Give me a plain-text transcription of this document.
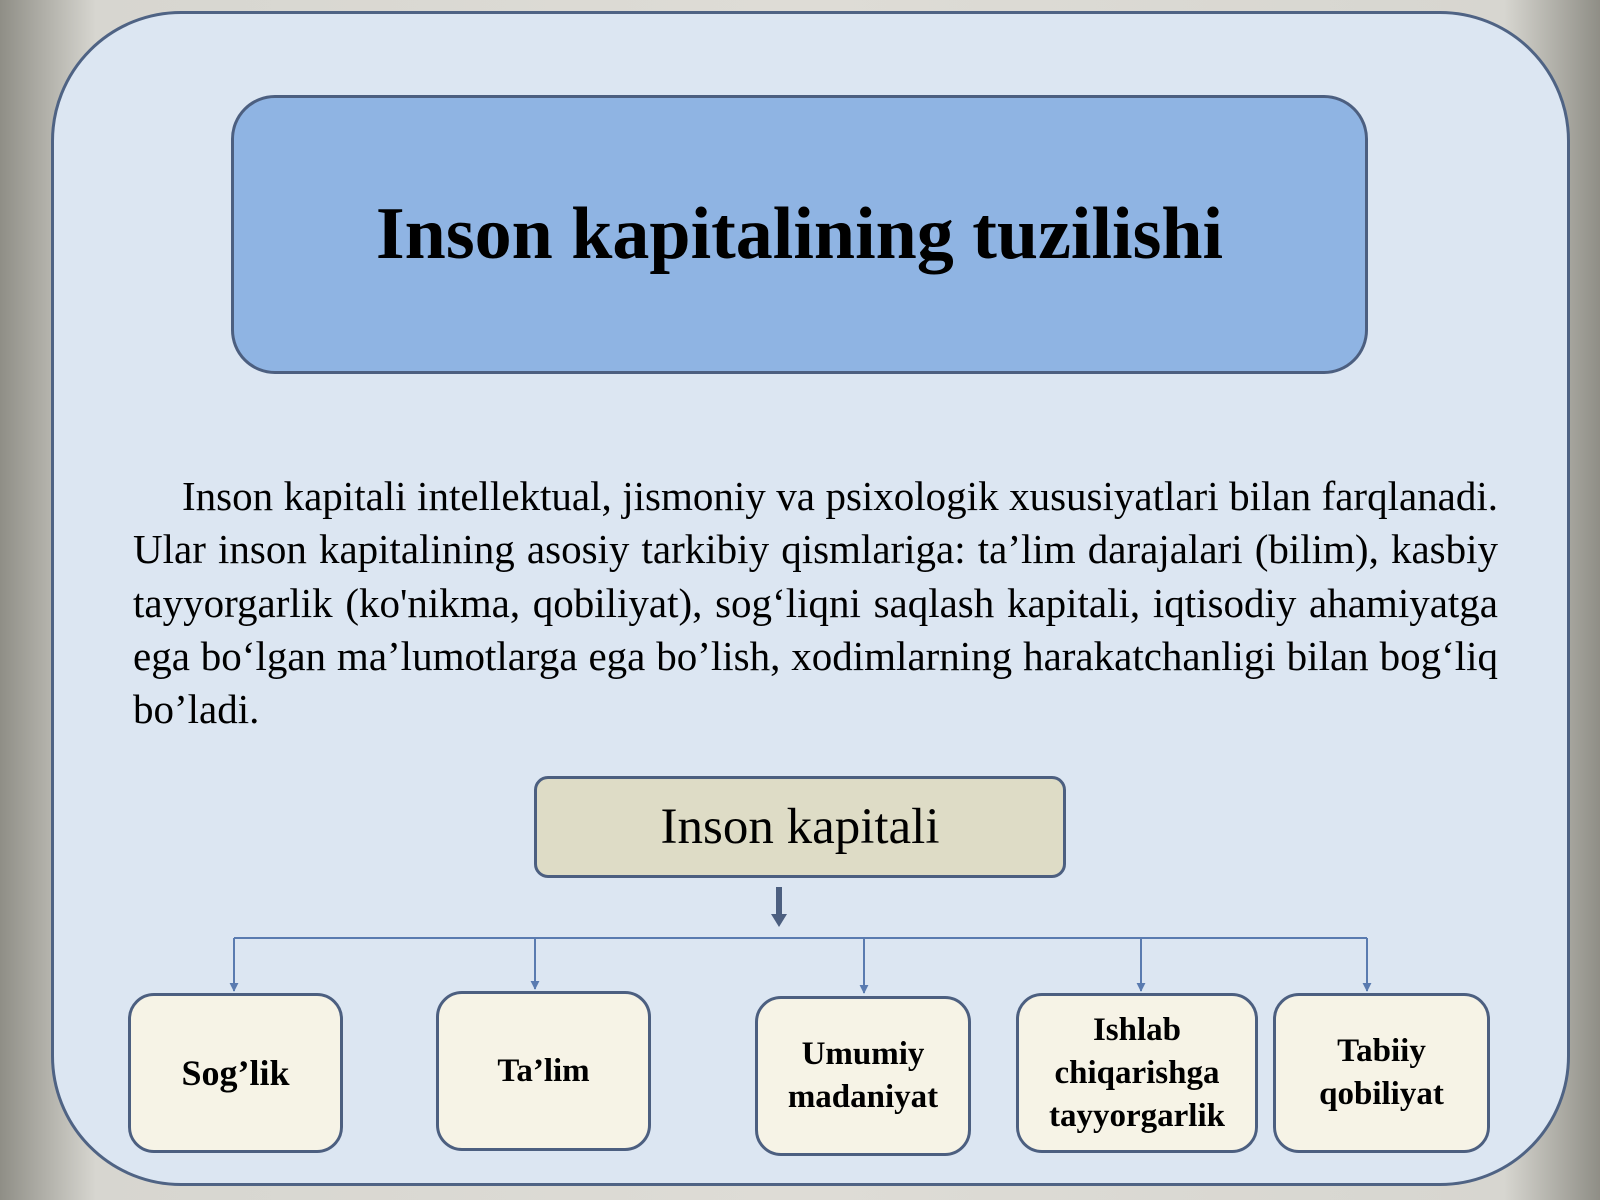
Inson kapitalining tuzilishi

Inson kapitali intellektual, jismoniy va psixologik xususiyatlari bilan farqlanadi. Ular inson kapitalining asosiy tarkibiy qismlariga: ta’lim darajalari (bilim), kasbiy tayyorgarlik (ko'nikma, qobiliyat), sog‘liqni saqlash kapitali, iqtisodiy ahamiyatga ega bo‘lgan ma’lumotlarga ega bo’lish, xodimlarning harakatchanligi bilan bog‘liq bo’ladi.

Inson kapitali
Sog’lik	Ta’lim	Umumiy
madaniyat
Ishlab
chiqarishga
tayyorgarlik
Tabiiy
qobiliyat
